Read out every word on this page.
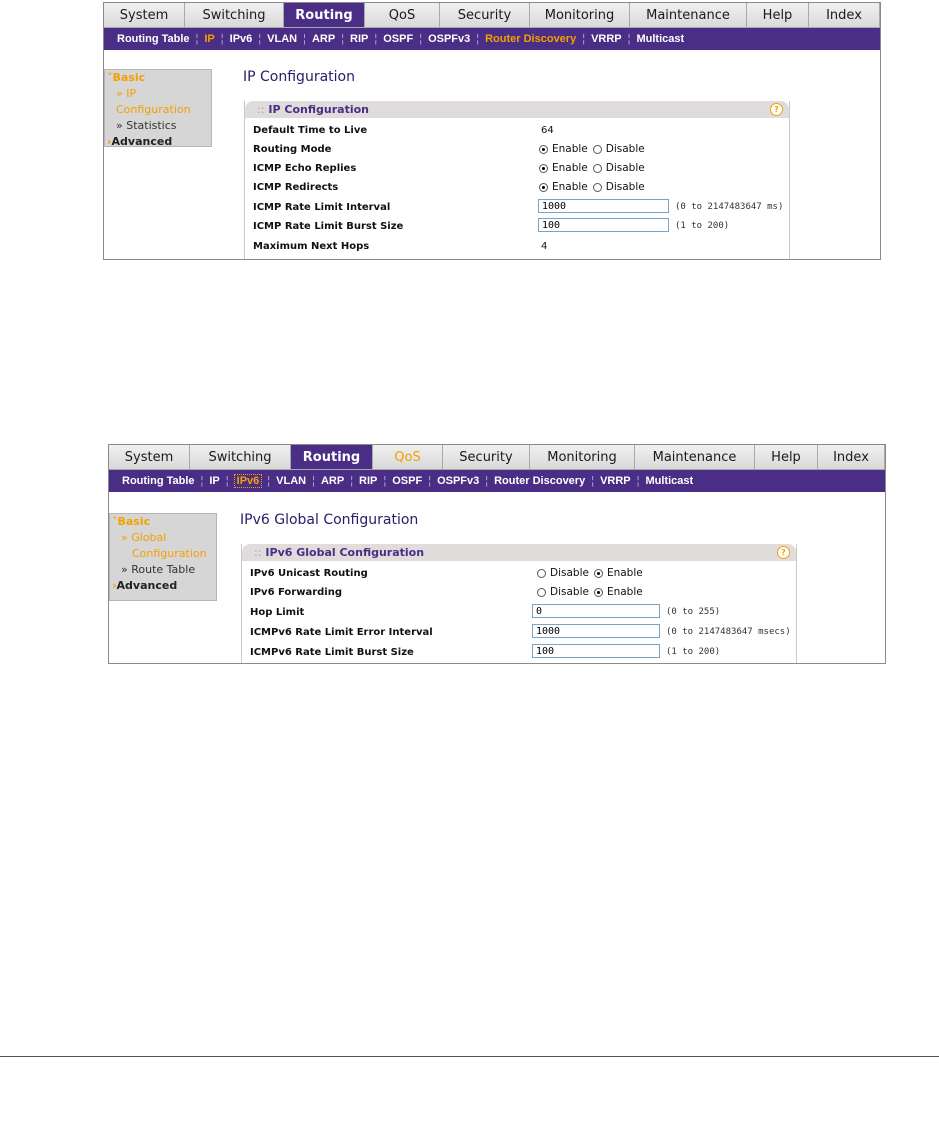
System	Switching	Routing	QoS	Security	Monitoring	Maintenance	Help	Index
Routing Table ¦ IP ¦ IPv6 ¦ VLAN ¦ ARP ¦ RIP ¦ OSPF ¦ OSPFv3 ¦ Router Discovery ¦ VRRP ¦ Multicast
˅Basic
» IP Configuration
» Statistics
›Advanced
IP Configuration
:: IP Configuration	?
Default Time to Live	64
Routing Mode	Enable Disable
ICMP Echo Replies	Enable Disable
ICMP Redirects	Enable Disable
ICMP Rate Limit Interval
1000	(0 to 2147483647 ms)
ICMP Rate Limit Burst Size
100	(1 to 200)
Maximum Next Hops	4
System	Switching	Routing	QoS	Security	Monitoring	Maintenance	Help	Index
Routing Table ¦ IP ¦ IPv6 ¦ VLAN ¦ ARP ¦ RIP ¦ OSPF ¦ OSPFv3 ¦ Router Discovery ¦ VRRP ¦ Multicast
˅Basic
» Global
Configuration
» Route Table
›Advanced
IPv6 Global Configuration
:: IPv6 Global Configuration	?
IPv6 Unicast Routing	Disable Enable
IPv6 Forwarding	Disable Enable
Hop Limit
0	(0 to 255)
ICMPv6 Rate Limit Error Interval
1000	(0 to 2147483647 msecs)
ICMPv6 Rate Limit Burst Size
100	(1 to 200)
